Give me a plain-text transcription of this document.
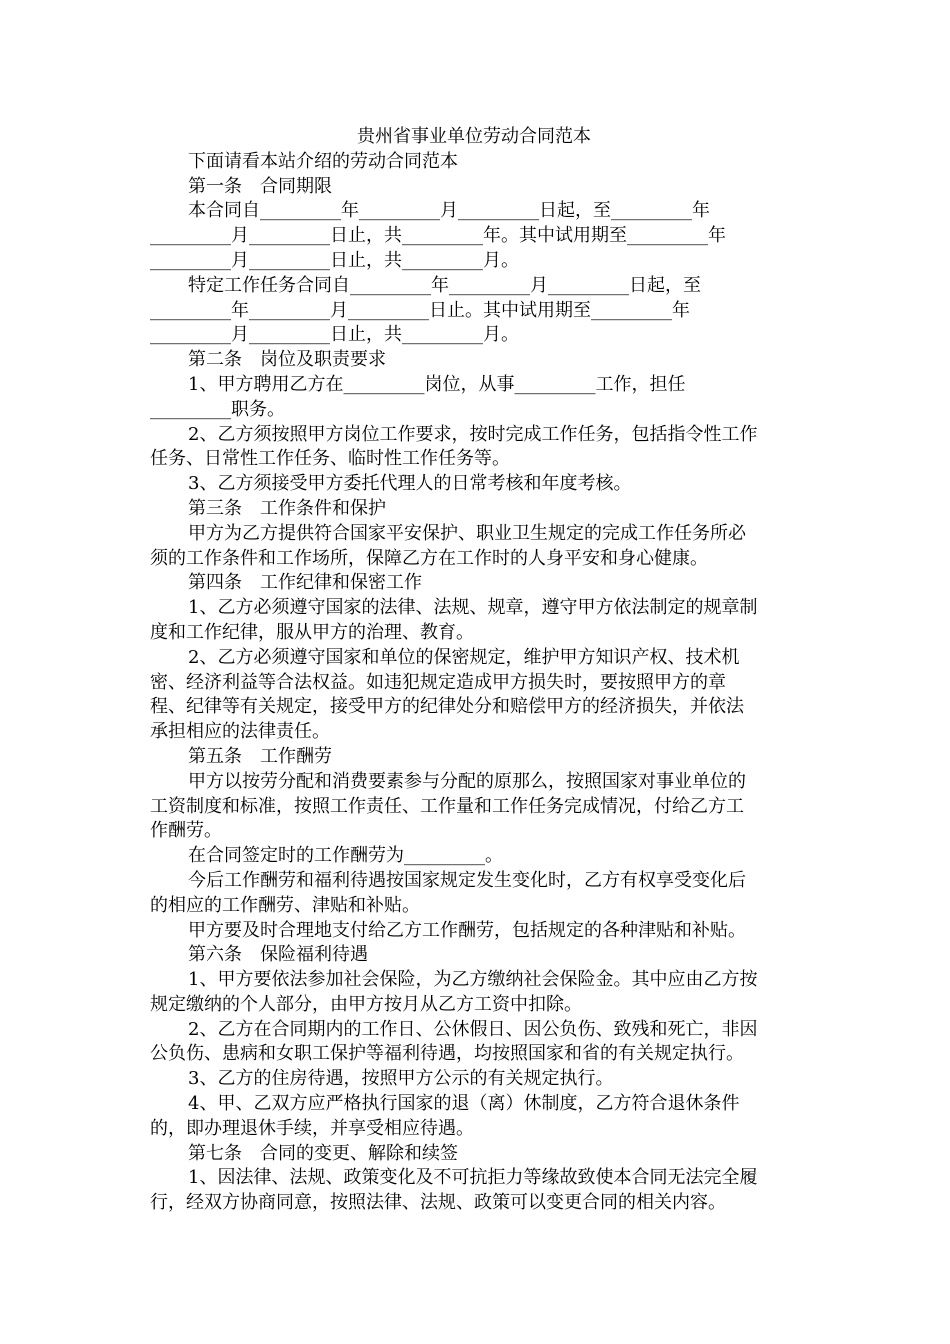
贵州省事业单位劳动合同范本

下面请看本站介绍的劳动合同范本

第一条　合同期限

本合同自_________年_________月_________日起，至_________年

_________月_________日止，共_________年。其中试用期至_________年

_________月_________日止，共_________月。

特定工作任务合同自_________年_________月_________日起，至

_________年_________月_________日止。其中试用期至_________年

_________月_________日止，共_________月。

第二条　岗位及职责要求

1、甲方聘用乙方在_________岗位，从事_________工作，担任

_________职务。

2、乙方须按照甲方岗位工作要求，按时完成工作任务，包括指令性工作

任务、日常性工作任务、临时性工作任务等。

3、乙方须接受甲方委托代理人的日常考核和年度考核。

第三条　工作条件和保护

甲方为乙方提供符合国家平安保护、职业卫生规定的完成工作任务所必

须的工作条件和工作场所，保障乙方在工作时的人身平安和身心健康。

第四条　工作纪律和保密工作

1、乙方必须遵守国家的法律、法规、规章，遵守甲方依法制定的规章制

度和工作纪律，服从甲方的治理、教育。

2、乙方必须遵守国家和单位的保密规定，维护甲方知识产权、技术机

密、经济利益等合法权益。如违犯规定造成甲方损失时，要按照甲方的章

程、纪律等有关规定，接受甲方的纪律处分和赔偿甲方的经济损失，并依法

承担相应的法律责任。

第五条　工作酬劳

甲方以按劳分配和消费要素参与分配的原那么，按照国家对事业单位的

工资制度和标准，按照工作责任、工作量和工作任务完成情况，付给乙方工

作酬劳。

在合同签定时的工作酬劳为_________。

今后工作酬劳和福利待遇按国家规定发生变化时，乙方有权享受变化后

的相应的工作酬劳、津贴和补贴。

甲方要及时合理地支付给乙方工作酬劳，包括规定的各种津贴和补贴。

第六条　保险福利待遇

1、甲方要依法参加社会保险，为乙方缴纳社会保险金。其中应由乙方按

规定缴纳的个人部分，由甲方按月从乙方工资中扣除。

2、乙方在合同期内的工作日、公休假日、因公负伤、致残和死亡，非因

公负伤、患病和女职工保护等福利待遇，均按照国家和省的有关规定执行。

3、乙方的住房待遇，按照甲方公示的有关规定执行。

4、甲、乙双方应严格执行国家的退（离）休制度，乙方符合退休条件

的，即办理退休手续，并享受相应待遇。

第七条　合同的变更、解除和续签

1、因法律、法规、政策变化及不可抗拒力等缘故致使本合同无法完全履

行，经双方协商同意，按照法律、法规、政策可以变更合同的相关内容。
